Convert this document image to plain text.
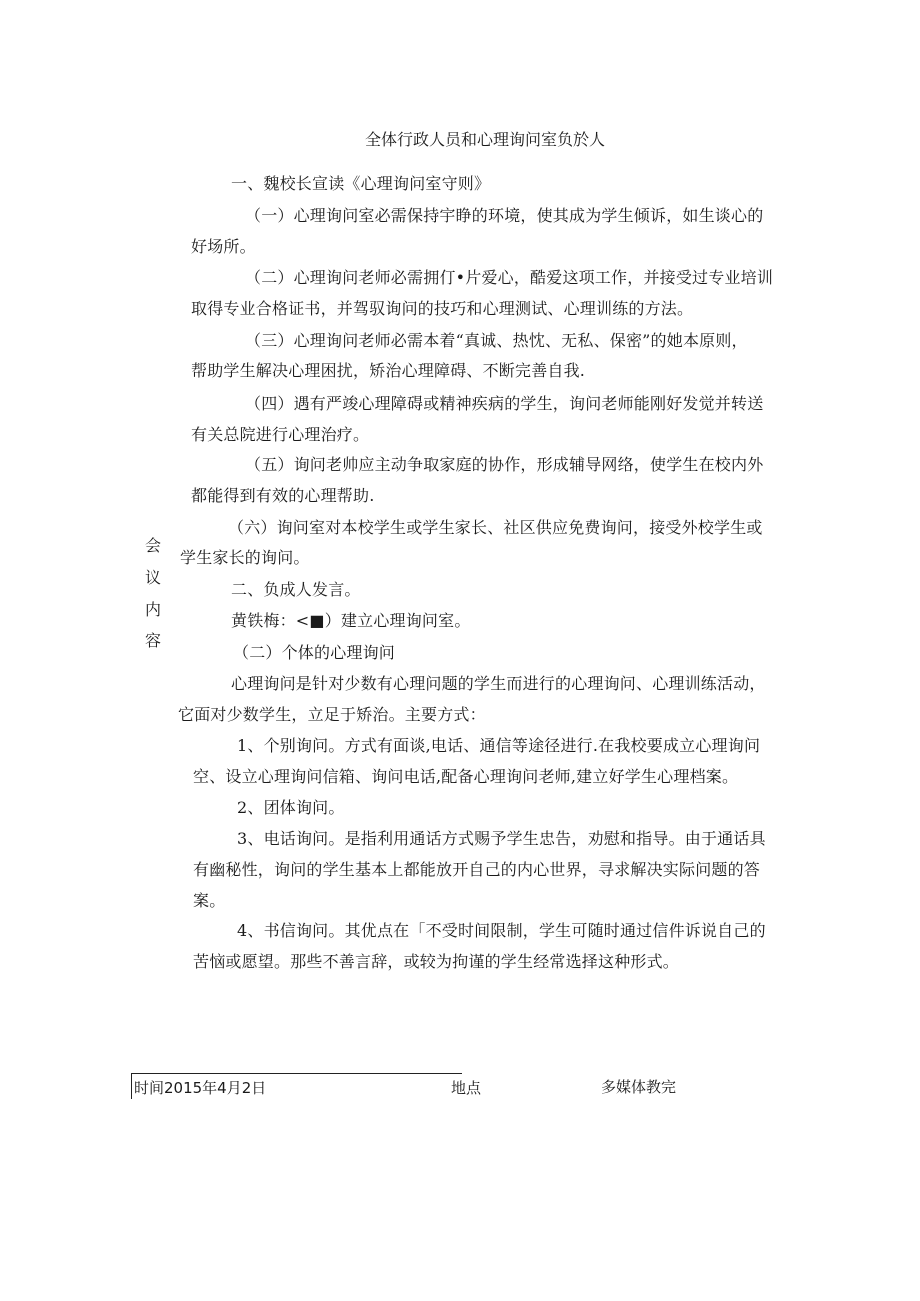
全体行政人员和心理询问室负於人
会
议
内
容
一、魏校长宣读《心理询问室守则》
（一）心理询问室必需保持宇睁的环境，使其成为学生倾诉，如生谈心的
好场所。
（二）心理询问老师必需拥仃•片爱心，酷爱这项工作，并接受过专业培训
取得专业合格证书，并驾驭询问的技巧和心理测试、心理训练的方法。
（三）心理询问老师必需本着“真诚、热忱、无私、保密”的她本原则，
帮助学生解决心理困扰，矫治心理障碍、不断完善自我.
（四）遇有严竣心理障碍或精神疾病的学生，询问老师能刚好发觉并转送
有关总院进行心理治疗。
（五）询问老帅应主动争取家庭的协作，形成辅导网络，使学生在校内外
都能得到有效的心理帮助.
（六）询问室对本校学生或学生家长、社区供应免费询问，接受外校学生或
学生家长的询问。
二、负成人发言。
黄铁梅：<■）建立心理询问室。
（二）个体的心理询问
心理询问是针对少数有心理问题的学生而进行的心理询问、心理训练活动，
它面对少数学生，立足于矫治。主要方式：
1、个别询问。方式有面谈,电话、通信等途径进行.在我校要成立心理询问
空、设立心理询问信箱、询问电话,配备心理询问老师,建立好学生心理档案。
2、团体询问。
3、电话询问。是指利用通话方式赐予学生忠告，劝慰和指导。由于通话具
有幽秘性，询问的学生基本上都能放开自己的内心世界，寻求解决实际问题的答
案。
4、书信询问。其优点在「不受时间限制，学生可随时通过信件诉说自己的
苦恼或愿望。那些不善言辞，或较为拘谨的学生经常选择这种形式。
时间2015年4月2日	地点	多媒体教完
